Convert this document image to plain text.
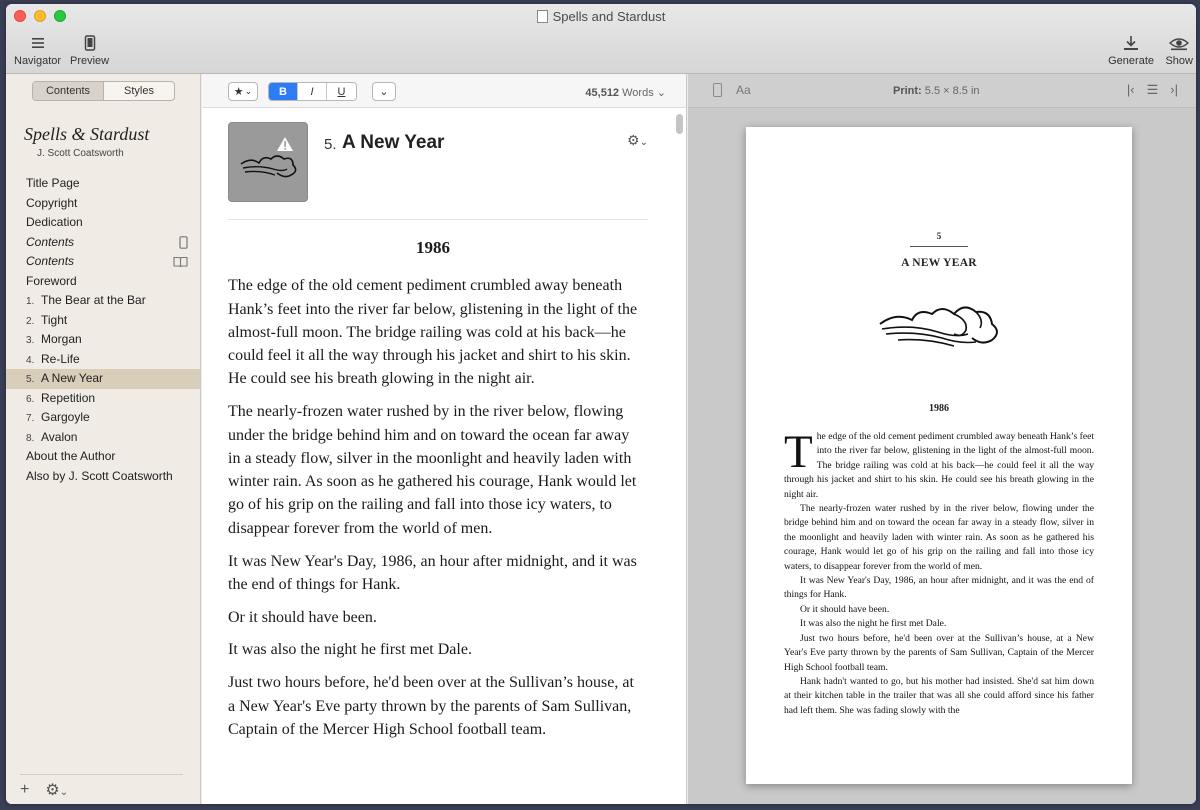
Spells and Stardust
Navigator Preview	Generate Show
Contents	Styles
Spells & Stardust
J. Scott Coatsworth
Title Page
Copyright
Dedication
Contents
Contents
Foreword
1. The Bear at the Bar
2. Tight
3. Morgan
4. Re-Life
5. A New Year
6. Repetition
7. Gargoyle
8. Avalon
About the Author
Also by J. Scott Coatsworth
+ ⚙⌄
★ ⌄	B	I	U	⌄	45,512 Words ⌄
5. A New Year	⚙⌄
1986

The edge of the old cement pediment crumbled away beneath Hank’s feet into the river far below, glistening in the light of the almost-full moon. The bridge railing was cold at his back—he could feel it all the way through his jacket and shirt to his skin. He could see his breath glowing in the night air.

The nearly-frozen water rushed by in the river below, flowing under the bridge behind him and on toward the ocean far away in a steady flow, silver in the moonlight and heavily laden with winter rain. As soon as he gathered his courage, Hank would let go of his grip on the railing and fall into those icy waters, to disappear forever from the world of men.

It was New Year's Day, 1986, an hour after midnight, and it was the end of things for Hank.

Or it should have been.

It was also the night he first met Dale.

Just two hours before, he'd been over at the Sullivan’s house, at a New Year's Eve party thrown by the parents of Sam Sullivan, Captain of the Mercer High School football team.

Aa	Print: 5.5 × 8.5 in	|‹ ☰ ›|
5
A NEW YEAR
1986

The edge of the old cement pediment crumbled away beneath Hank’s feet into the river far below, glistening in the light of the almost-full moon. The bridge railing was cold at his back—he could feel it all the way through his jacket and shirt to his skin. He could see his breath glowing in the night air.

The nearly-frozen water rushed by in the river below, flowing under the bridge behind him and on toward the ocean far away in a steady flow, silver in the moonlight and heavily laden with winter rain. As soon as he gathered his courage, Hank would let go of his grip on the railing and fall into those icy waters, to disappear forever from the world of men.

It was New Year's Day, 1986, an hour after midnight, and it was the end of things for Hank.

Or it should have been.

It was also the night he first met Dale.

Just two hours before, he'd been over at the Sullivan’s house, at a New Year's Eve party thrown by the parents of Sam Sullivan, Captain of the Mercer High School football team.

Hank hadn't wanted to go, but his mother had insisted. She'd sat him down at their kitchen table in the trailer that was all she could afford since his father had left them. She was fading slowly with the
